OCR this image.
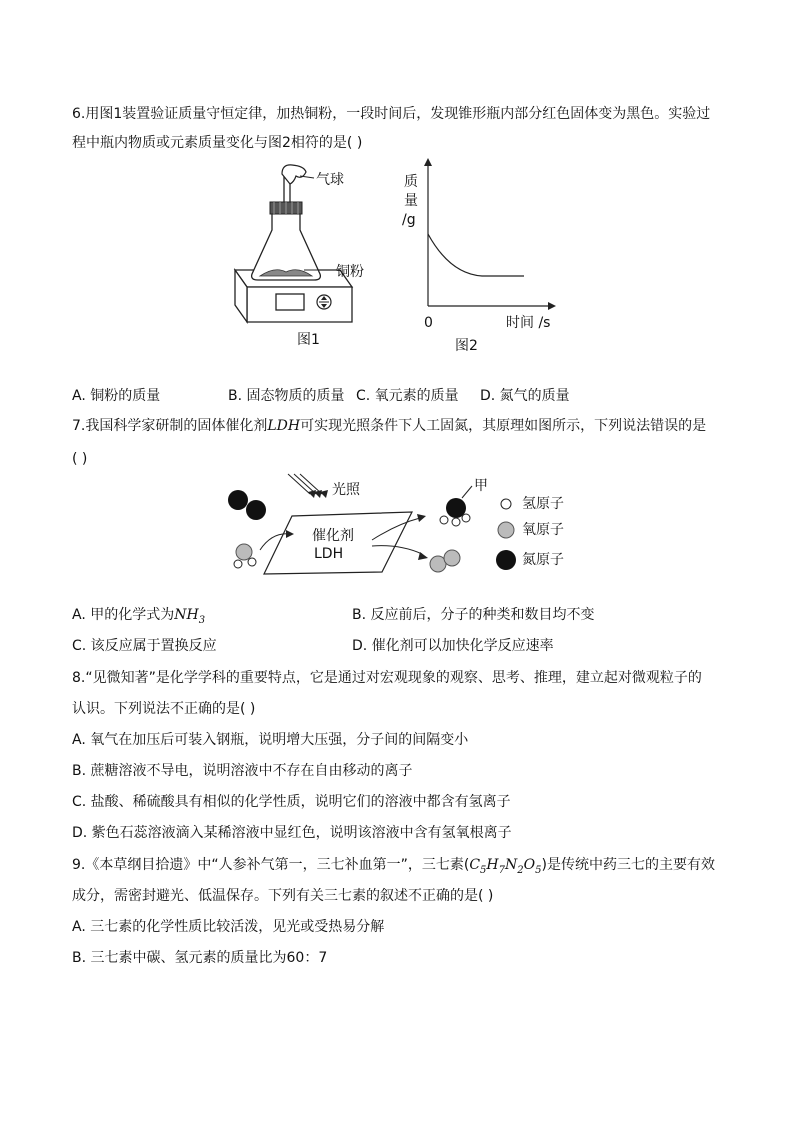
6.用图1装置验证质量守恒定律，加热铜粉，一段时间后，发现锥形瓶内部分红色固体变为黑色。实验过
程中瓶内物质或元素质量变化与图2相符的是( )
气球
铜粉
图1
质
量
/g
0	时间 /s
图2
A. 铜粉的质量	B. 固态物质的质量 C. 氧元素的质量 D. 氮气的质量
7.我国科学家研制的固体催化剂LDH可实现光照条件下人工固氮，其原理如图所示，下列说法错误的是
( )
光照
催化剂
LDH
甲
氢原子
氧原子
氮原子
A. 甲的化学式为$NH_3$	B. 反应前后，分子的种类和数目均不变
C. 该反应属于置换反应	D. 催化剂可以加快化学反应速率
8.“见微知著”是化学学科的重要特点，它是通过对宏观现象的观察、思考、推理，建立起对微观粒子的
认识。下列说法不正确的是( )
A. 氧气在加压后可装入钢瓶，说明增大压强，分子间的间隔变小
B. 蔗糖溶液不导电，说明溶液中不存在自由移动的离子
C. 盐酸、稀硫酸具有相似的化学性质，说明它们的溶液中都含有氢离子
D. 紫色石蕊溶液滴入某稀溶液中显红色，说明该溶液中含有氢氧根离子
9.《本草纲目拾遗》中“人参补气第一，三七补血第一”，三七素$(C_5H_7N_2O_5)$是传统中药三七的主要有效
成分，需密封避光、低温保存。下列有关三七素的叙述不正确的是( )
A. 三七素的化学性质比较活泼，见光或受热易分解
B. 三七素中碳、氢元素的质量比为60：7
